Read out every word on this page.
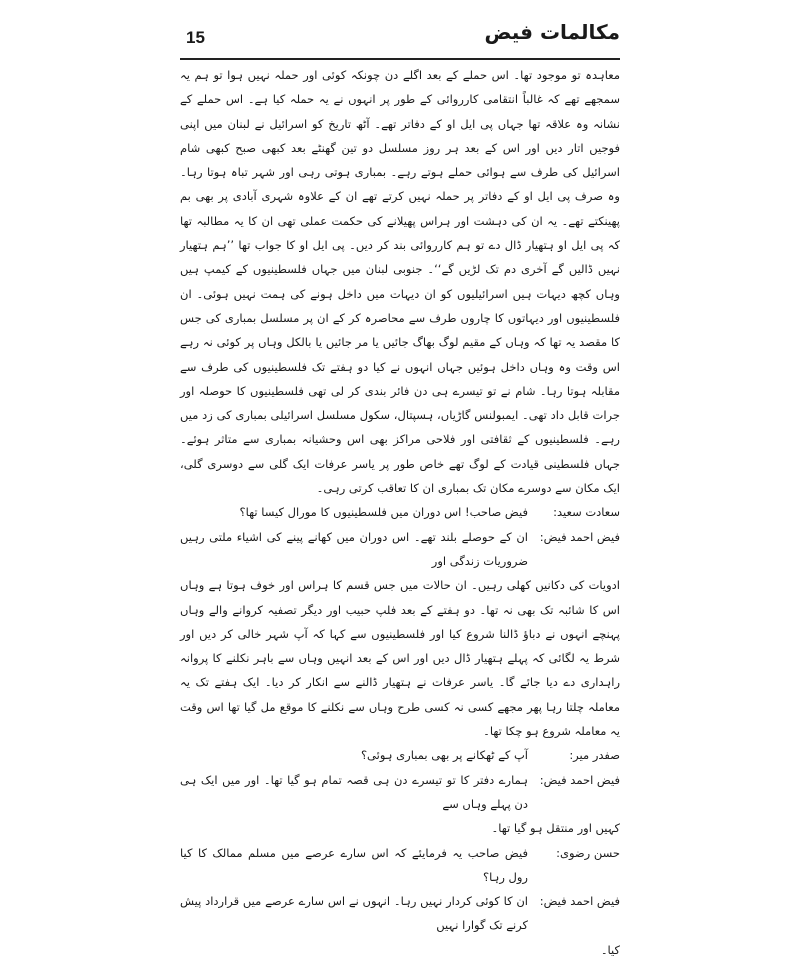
15	مکالمات فیض

معاہدہ تو موجود تھا۔ اس حملے کے بعد اگلے دن چونکہ کوئی اور حملہ نہیں ہوا تو ہم یہ سمجھے تھے کہ غالباً انتقامی کارروائی کے طور پر انہوں نے یہ حملہ کیا ہے۔ اس حملے کے نشانہ وہ علاقہ تھا جہاں پی ایل او کے دفاتر تھے۔ آٹھ تاریخ کو اسرائیل نے لبنان میں اپنی فوجیں اتار دیں اور اس کے بعد ہر روز مسلسل دو تین گھنٹے بعد کبھی صبح کبھی شام اسرائیل کی طرف سے ہوائی حملے ہوتے رہے۔ بمباری ہوتی رہی اور شہر تباہ ہوتا رہا۔ وہ صرف پی ایل او کے دفاتر پر حملہ نہیں کرتے تھے ان کے علاوہ شہری آبادی پر بھی بم پھینکتے تھے۔ یہ ان کی دہشت اور ہراس پھیلانے کی حکمت عملی تھی ان کا یہ مطالبہ تھا کہ پی ایل او ہتھیار ڈال دے تو ہم کارروائی بند کر دیں۔ پی ایل او کا جواب تھا ’’ہم ہتھیار نہیں ڈالیں گے آخری دم تک لڑیں گے‘‘۔ جنوبی لبنان میں جہاں فلسطینیوں کے کیمپ ہیں وہاں کچھ دیہات ہیں اسرائیلیوں کو ان دیہات میں داخل ہونے کی ہمت نہیں ہوئی۔ ان فلسطینیوں اور دیہاتوں کا چاروں طرف سے محاصرہ کر کے ان پر مسلسل بمباری کی جس کا مقصد یہ تھا کہ وہاں کے مقیم لوگ بھاگ جائیں یا مر جائیں یا بالکل وہاں پر کوئی نہ رہے اس وقت وہ وہاں داخل ہوئیں جہاں انہوں نے کیا دو ہفتے تک فلسطینیوں کی طرف سے مقابلہ ہوتا رہا۔ شام نے تو تیسرے ہی دن فائر بندی کر لی تھی فلسطینیوں کا حوصلہ اور جرات قابل داد تھی۔ ایمبولنس گاڑیاں، ہسپتال، سکول مسلسل اسرائیلی بمباری کی زد میں رہے۔ فلسطینیوں کے ثقافتی اور فلاحی مراکز بھی اس وحشیانہ بمباری سے متاثر ہوئے۔ جہاں فلسطینی قیادت کے لوگ تھے خاص طور پر یاسر عرفات ایک گلی سے دوسری گلی، ایک مکان سے دوسرے مکان تک بمباری ان کا تعاقب کرتی رہی۔

سعادت سعید:
فیض صاحب! اس دوران میں فلسطینیوں کا مورال کیسا تھا؟
فیض احمد فیض:
ان کے حوصلے بلند تھے۔ اس دوران میں کھانے پینے کی اشیاء ملتی رہیں ضروریات زندگی اور

ادویات کی دکانیں کھلی رہیں۔ ان حالات میں جس قسم کا ہراس اور خوف ہوتا ہے وہاں اس کا شائبہ تک بھی نہ تھا۔ دو ہفتے کے بعد فلپ حبیب اور دیگر تصفیہ کروانے والے وہاں پہنچے انہوں نے دباؤ ڈالنا شروع کیا اور فلسطینیوں سے کہا کہ آپ شہر خالی کر دیں اور شرط یہ لگائی کہ پہلے ہتھیار ڈال دیں اور اس کے بعد انہیں وہاں سے باہر نکلنے کا پروانہ راہداری دے دیا جائے گا۔ یاسر عرفات نے ہتھیار ڈالنے سے انکار کر دیا۔ ایک ہفتے تک یہ معاملہ چلتا رہا پھر مجھے کسی نہ کسی طرح وہاں سے نکلنے کا موقع مل گیا تھا اس وقت یہ معاملہ شروع ہو چکا تھا۔

صفدر میر:
آپ کے ٹھکانے پر بھی بمباری ہوئی؟
فیض احمد فیض:
ہمارے دفتر کا تو تیسرے دن ہی قصہ تمام ہو گیا تھا۔ اور میں ایک ہی دن پہلے وہاں سے

کہیں اور منتقل ہو گیا تھا۔

حسن رضوی:
فیض صاحب یہ فرمایئے کہ اس سارے عرصے میں مسلم ممالک کا کیا رول رہا؟
فیض احمد فیض:
ان کا کوئی کردار نہیں رہا۔ انہوں نے اس سارے عرصے میں قرارداد پیش کرنے تک گوارا نہیں

کیا۔
